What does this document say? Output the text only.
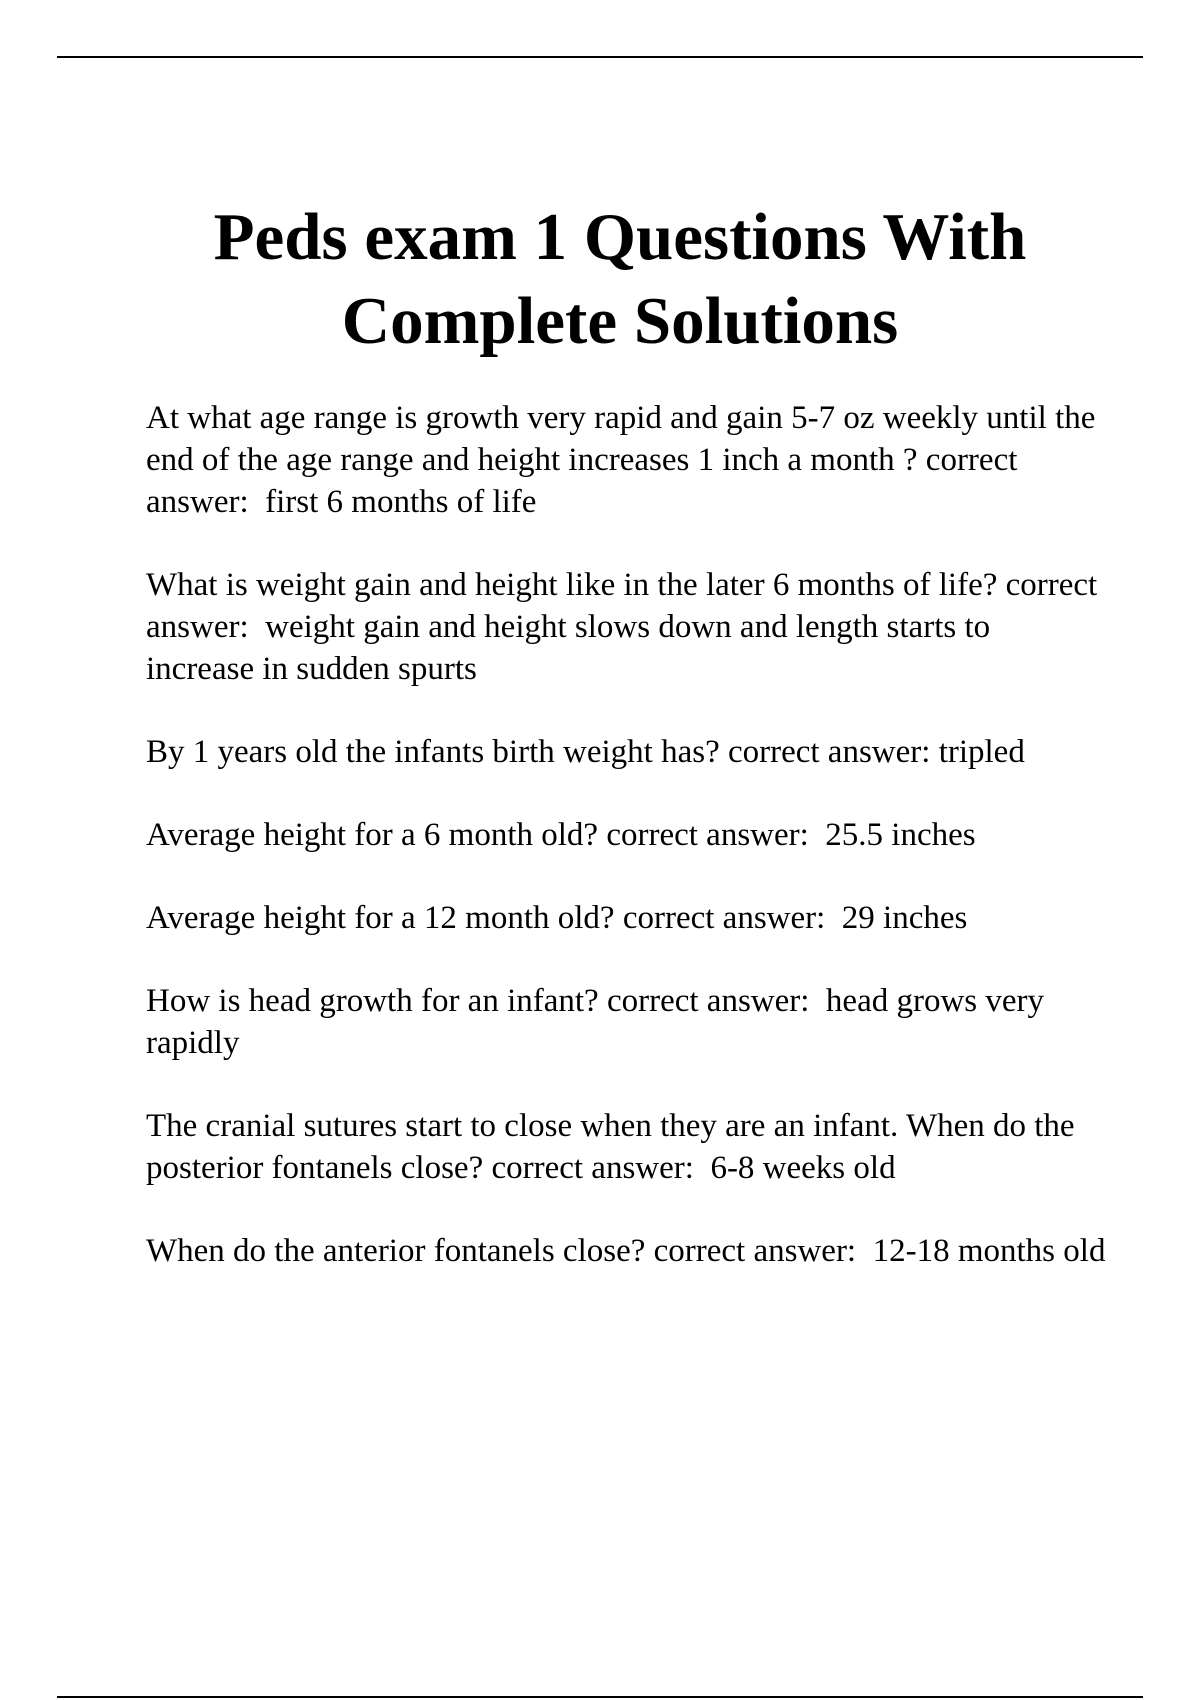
Peds exam 1 Questions With
Complete Solutions
At what age range is growth very rapid and gain 5-7 oz weekly until the end of the age range and height increases 1 inch a month ? correct answer: first 6 months of life
What is weight gain and height like in the later 6 months of life? correct answer: weight gain and height slows down and length starts to increase in sudden spurts
By 1 years old the infants birth weight has? correct answer: tripled
Average height for a 6 month old? correct answer: 25.5 inches
Average height for a 12 month old? correct answer: 29 inches
How is head growth for an infant? correct answer: head grows very rapidly
The cranial sutures start to close when they are an infant. When do the posterior fontanels close? correct answer: 6-8 weeks old
When do the anterior fontanels close? correct answer: 12-18 months old
